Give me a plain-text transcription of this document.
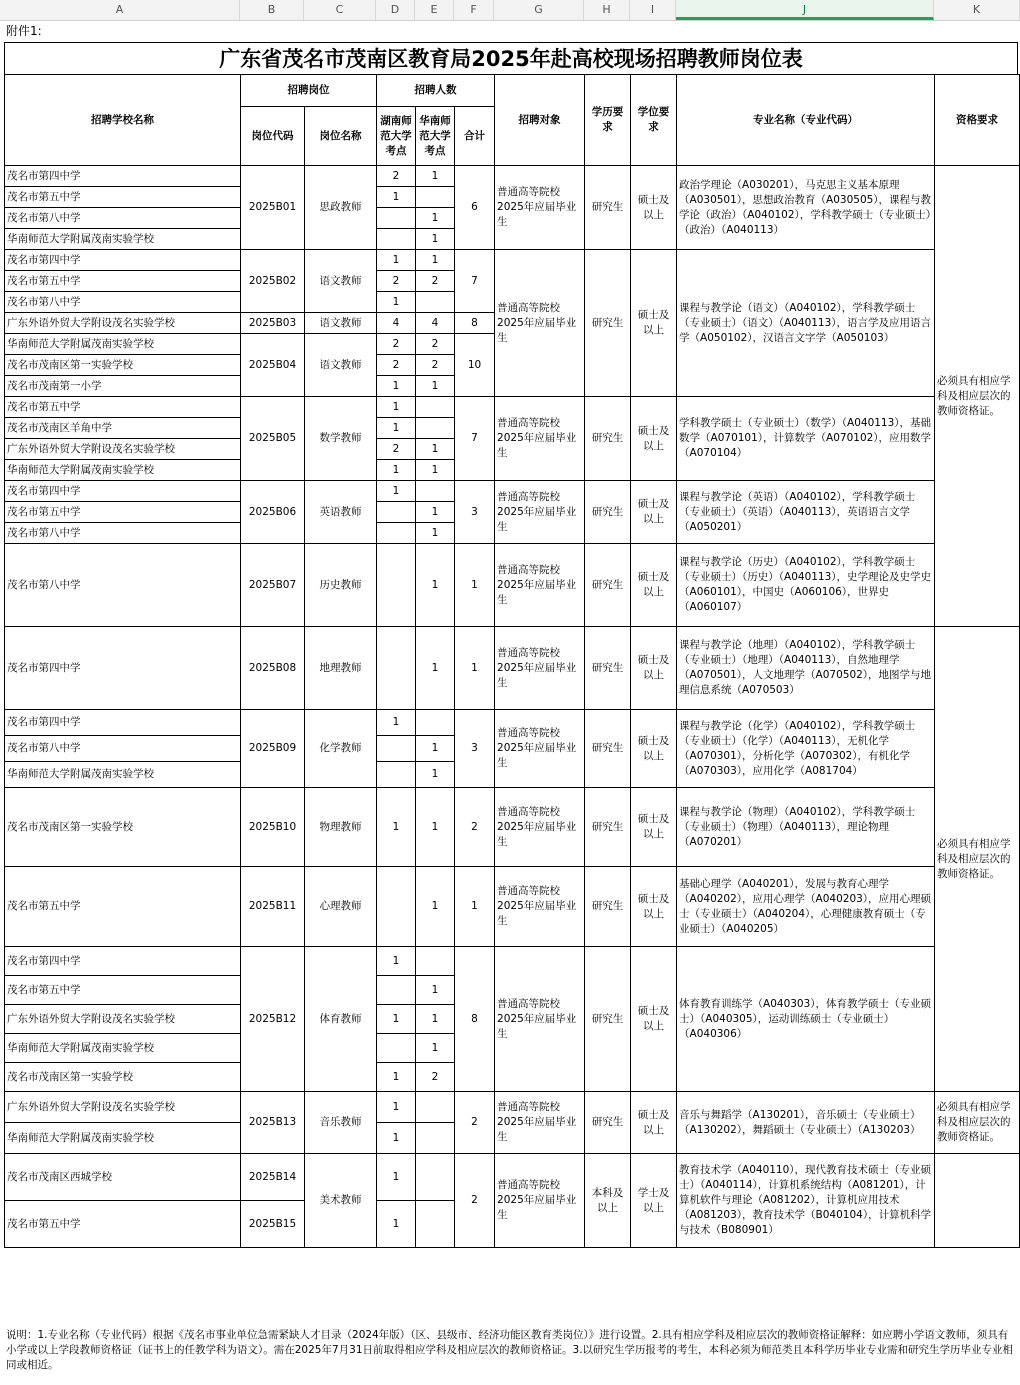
A	B	C	D	E	F	G	H	I	J	K
附件1:
广东省茂名市茂南区教育局2025年赴高校现场招聘教师岗位表
招聘学校名称	招聘岗位		招聘人数			招聘对象	学历要求	学位要求	专业名称（专业代码）	资格要求
	岗位代码	岗位名称	湖南师范大学考点	华南师范大学考点	合计					
茂名市第四中学	2025B01	思政教师	2	1	6	普通高等院校2025年应届毕业生	研究生	硕士及以上	政治学理论（A030201），马克思主义基本原理（A030501），思想政治教育（A030505），课程与教学论（政治）（A040102），学科教学硕士（专业硕士）（政治）（A040113）	必须具有相应学科及相应层次的教师资格证。
茂名市第五中学			1							
茂名市第八中学				1						
华南师范大学附属茂南实验学校				1						
茂名市第四中学	2025B02	语文教师	1	1	7	普通高等院校2025年应届毕业生	研究生	硕士及以上	课程与教学论（语文）（A040102），学科教学硕士（专业硕士）（语文）（A040113），语言学及应用语言学（A050102），汉语言文字学（A050103）	
茂名市第五中学			2	2						
茂名市第八中学			1							
广东外语外贸大学附设茂名实验学校	2025B03	语文教师	4	4	8					
华南师范大学附属茂南实验学校	2025B04	语文教师	2	2	10					
茂名市茂南区第一实验学校			2	2						
茂名市茂南第一小学			1	1						
茂名市第五中学	2025B05	数学教师	1		7	普通高等院校2025年应届毕业生	研究生	硕士及以上	学科教学硕士（专业硕士）（数学）（A040113），基础数学（A070101），计算数学（A070102），应用数学（A070104）	
茂名市茂南区羊角中学			1							
广东外语外贸大学附设茂名实验学校			2	1						
华南师范大学附属茂南实验学校			1	1						
茂名市第四中学	2025B06	英语教师	1		3	普通高等院校2025年应届毕业生	研究生	硕士及以上	课程与教学论（英语）（A040102），学科教学硕士（专业硕士）（英语）（A040113），英语语言文学（A050201）	
茂名市第五中学				1						
茂名市第八中学				1						
茂名市第八中学	2025B07	历史教师		1	1	普通高等院校2025年应届毕业生	研究生	硕士及以上	课程与教学论（历史）（A040102），学科教学硕士（专业硕士）（历史）（A040113），史学理论及史学史（A060101），中国史（A060106），世界史（A060107）	
茂名市第四中学	2025B08	地理教师		1	1	普通高等院校2025年应届毕业生	研究生	硕士及以上	课程与教学论（地理）（A040102），学科教学硕士（专业硕士）（地理）（A040113），自然地理学（A070501），人文地理学（A070502），地图学与地理信息系统（A070503）	必须具有相应学科及相应层次的教师资格证。
茂名市第四中学	2025B09	化学教师	1		3	普通高等院校2025年应届毕业生	研究生	硕士及以上	课程与教学论（化学）（A040102），学科教学硕士（专业硕士）（化学）（A040113），无机化学（A070301），分析化学（A070302），有机化学（A070303），应用化学（A081704）	
茂名市第八中学				1						
华南师范大学附属茂南实验学校				1						
茂名市茂南区第一实验学校	2025B10	物理教师	1	1	2	普通高等院校2025年应届毕业生	研究生	硕士及以上	课程与教学论（物理）（A040102），学科教学硕士（专业硕士）（物理）（A040113），理论物理（A070201）	
茂名市第五中学	2025B11	心理教师		1	1	普通高等院校2025年应届毕业生	研究生	硕士及以上	基础心理学（A040201），发展与教育心理学（A040202），应用心理学（A040203），应用心理硕士（专业硕士）（A040204），心理健康教育硕士（专业硕士）（A040205）	
茂名市第四中学	2025B12	体育教师	1		8	普通高等院校2025年应届毕业生	研究生	硕士及以上	体育教育训练学（A040303），体育教学硕士（专业硕士）（A040305），运动训练硕士（专业硕士）（A040306）	
茂名市第五中学				1						
广东外语外贸大学附设茂名实验学校			1	1						
华南师范大学附属茂南实验学校				1						
茂名市茂南区第一实验学校			1	2						
广东外语外贸大学附设茂名实验学校	2025B13	音乐教师	1		2	普通高等院校2025年应届毕业生	研究生	硕士及以上	音乐与舞蹈学（A130201），音乐硕士（专业硕士）（A130202），舞蹈硕士（专业硕士）（A130203）	必须具有相应学科及相应层次的教师资格证。
华南师范大学附属茂南实验学校			1							
茂名市茂南区西城学校	2025B14	美术教师	1		2	普通高等院校2025年应届毕业生	本科及以上	学士及以上	教育技术学（A040110），现代教育技术硕士（专业硕士）（A040114），计算机系统结构（A081201），计算机软件与理论（A081202），计算机应用技术（A081203），教育技术学（B040104），计算机科学与技术（B080901）	
茂名市第五中学	2025B15		1							
说明：1.专业名称（专业代码）根据《茂名市事业单位急需紧缺人才目录（2024年版）（区、县级市、经济功能区教育类岗位）》进行设置。2.具有相应学科及相应层次的教师资格证解释：如应聘小学语文教师，须具有小学或以上学段教师资格证（证书上的任教学科为语文）。需在2025年7月31日前取得相应学科及相应层次的教师资格证。3.以研究生学历报考的考生，本科必须为师范类且本科学历毕业专业需和研究生学历毕业专业相同或相近。
